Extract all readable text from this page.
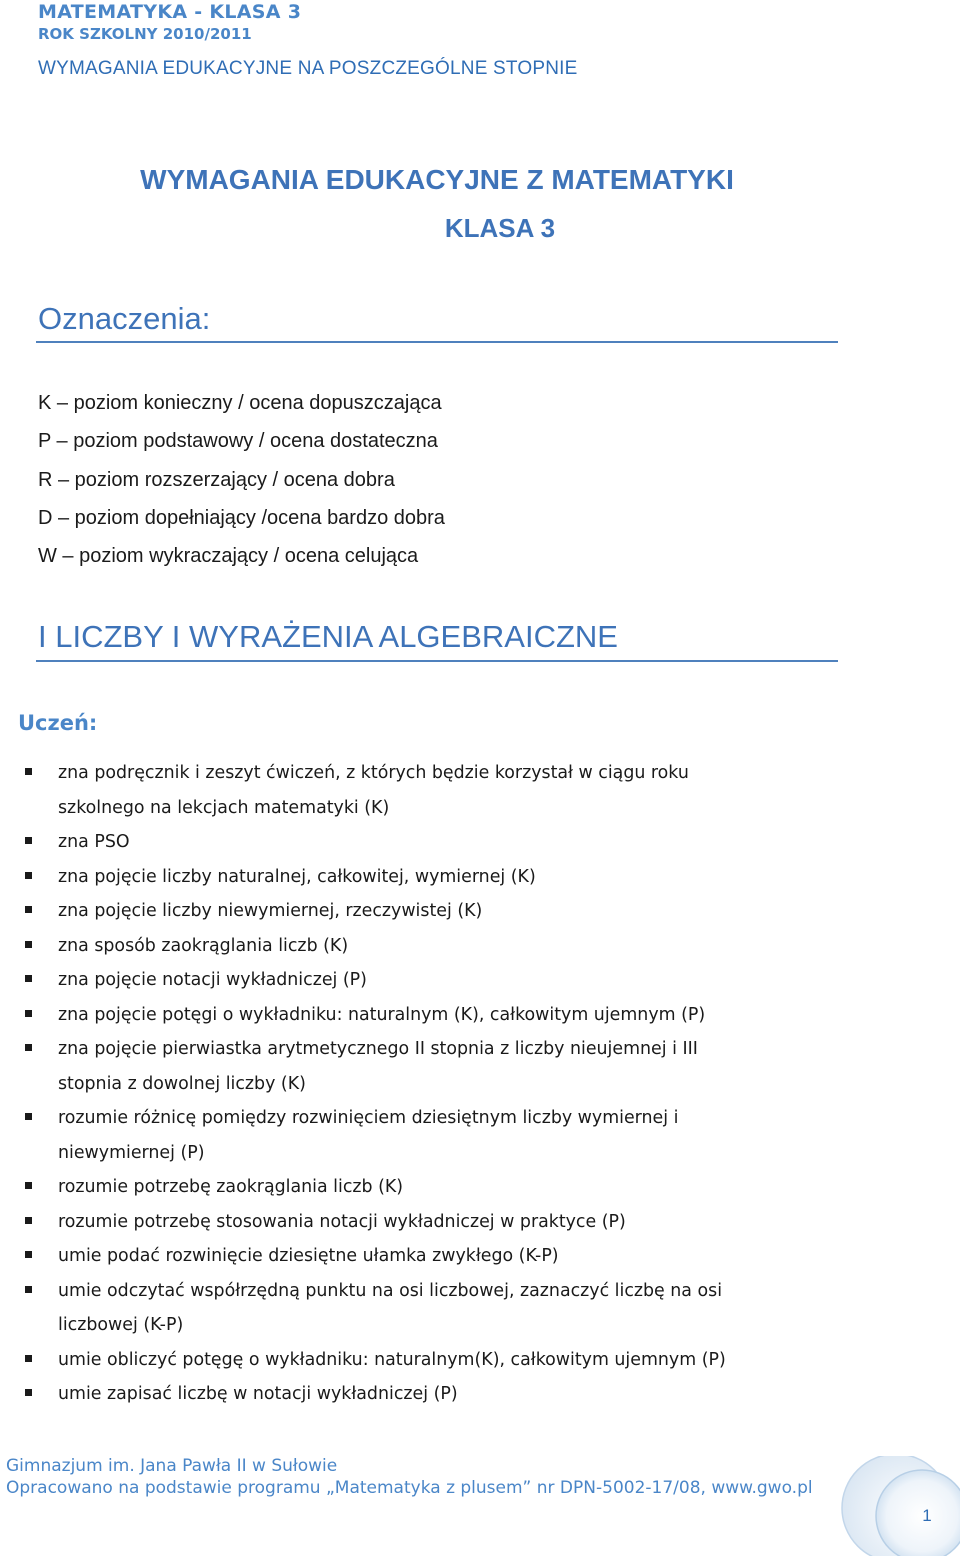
MATEMATYKA - KLASA 3
ROK SZKOLNY 2010/2011
WYMAGANIA EDUKACYJNE NA POSZCZEGÓLNE STOPNIE
WYMAGANIA EDUKACYJNE Z MATEMATYKI
KLASA 3
Oznaczenia:
K – poziom konieczny / ocena dopuszczająca
P – poziom podstawowy / ocena dostateczna
R – poziom rozszerzający / ocena dobra
D – poziom dopełniający /ocena bardzo dobra
W – poziom wykraczający / ocena celująca
I LICZBY I WYRAŻENIA ALGEBRAICZNE
Uczeń:
zna podręcznik i zeszyt ćwiczeń, z których będzie korzystał w ciągu roku
szkolnego na lekcjach matematyki (K)
zna PSO
zna pojęcie liczby naturalnej, całkowitej, wymiernej (K)
zna pojęcie liczby niewymiernej, rzeczywistej (K)
zna sposób zaokrąglania liczb (K)
zna pojęcie notacji wykładniczej (P)
zna pojęcie potęgi o wykładniku: naturalnym (K), całkowitym ujemnym (P)
zna pojęcie pierwiastka arytmetycznego II stopnia z liczby nieujemnej i III
stopnia z dowolnej liczby (K)
rozumie różnicę pomiędzy rozwinięciem dziesiętnym liczby wymiernej i
niewymiernej (P)
rozumie potrzebę zaokrąglania liczb (K)
rozumie potrzebę stosowania notacji wykładniczej w praktyce (P)
umie podać rozwinięcie dziesiętne ułamka zwykłego (K-P)
umie odczytać współrzędną punktu na osi liczbowej, zaznaczyć liczbę na osi
liczbowej (K-P)
umie obliczyć potęgę o wykładniku: naturalnym(K), całkowitym ujemnym (P)
umie zapisać liczbę w notacji wykładniczej (P)
Gimnazjum im. Jana Pawła II w Sułowie
Opracowano na podstawie programu „Matematyka z plusem” nr DPN-5002-17/08, www.gwo.pl
1
